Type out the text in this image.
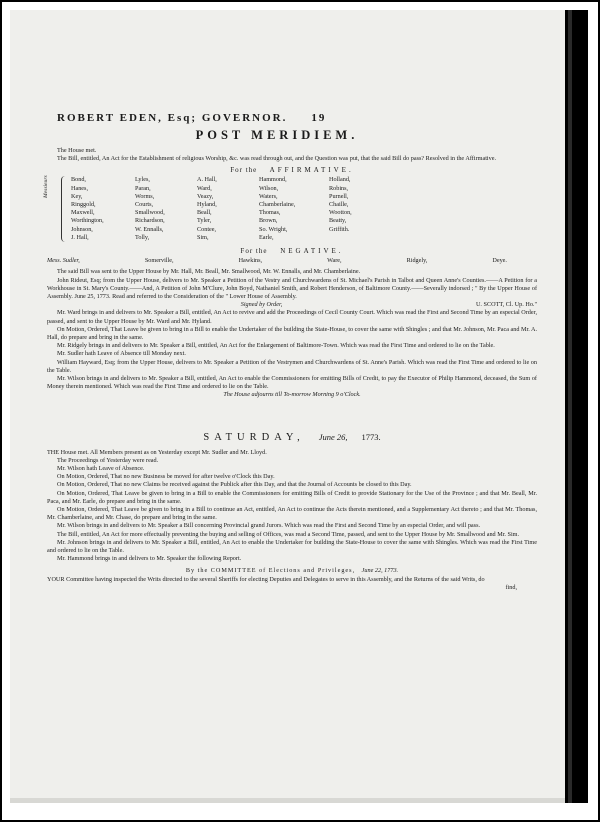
ROBERT EDEN, Esq; GOVERNOR. 19
POST MERIDIEM.

The House met.

The Bill, entitled, An Act for the Establishment of religious Worship, &c. was read through out, and the Question was put, that the said Bill do pass? Resolved in the Affirmative.

For the AFFIRMATIVE.
Messieurs	Bond,	Lyles,	A. Hall,	Hammond,	Holland,
Hanes,	Paran,	Ward,	Wilson,	Robins,
Key,	Worms,	Veazy,	Waters,	Purnell,
Ringgold,	Courts,	Hyland,	Chamberlaine,	Chaille,
Maxwell,	Smallwood,	Beall,	Thomas,	Wootton,
Worthington,	Richardson,	Tyler,	Brown,	Beatty,
Johnson,	W. Ennalls,	Contee,	So. Wright,	Griffith.
J. Hall,	Tolly,	Sim,	Earle,
For the NEGATIVE.
Mess. Sudler,	Somerville,	Hawkins,	Ware,	Ridgely,	Deye.

The said Bill was sent to the Upper House by Mr. Hall, Mr. Beall, Mr. Smallwood, Mr. W. Ennalls, and Mr. Chamberlaine.

John Rideut, Esq; from the Upper House, delivers to Mr. Speaker a Petition of the Vestry and Churchwardens of St. Michael's Parish in Talbot and Queen Anne's Counties.——A Petition for a Workhouse in St. Mary's County.——And, A Petition of John M'Clure, John Boyd, Nathaniel Smith, and Robert Henderson, of Baltimore County.——Severally indorsed ; " By the Upper House of Assembly. June 25, 1773. Read and referred to the Consideration of the " Lower House of Assembly.

Signed by Order,	U. SCOTT, Cl. Up. Ho."

Mr. Ward brings in and delivers to Mr. Speaker a Bill, entitled, An Act to revive and add the Proceedings of Cecil County Court. Which was read the First and Second Time by an especial Order, passed, and sent to the Upper House by Mr. Ward and Mr. Hyland.

On Motion, Ordered, That Leave be given to bring in a Bill to enable the Undertaker of the building the State-House, to cover the same with Shingles ; and that Mr. Johnson, Mr. Paca and Mr. A. Hall, do prepare and bring in the same.

Mr. Ridgely brings in and delivers to Mr. Speaker a Bill, entitled, An Act for the Enlargement of Baltimore-Town. Which was read the First Time and ordered to lie on the Table.

Mr. Sudler hath Leave of Absence till Monday next.

William Hayward, Esq; from the Upper House, delivers to Mr. Speaker a Petition of the Vestrymen and Churchwardens of St. Anne's Parish. Which was read the First Time and ordered to lie on the Table.

Mr. Wilson brings in and delivers to Mr. Speaker a Bill, entitled, An Act to enable the Commissioners for emitting Bills of Credit, to pay the Executor of Philip Hammond, deceased, the Sum of Money therein mentioned. Which was read the First Time and ordered to lie on the Table.

The House adjourns till To-morrow Morning 9 o'Clock.
SATURDAY, June 26, 1773.

THE House met. All Members present as on Yesterday except Mr. Sudler and Mr. Lloyd.

The Proceedings of Yesterday were read.

Mr. Wilson hath Leave of Absence.

On Motion, Ordered, That no new Business be moved for after twelve o'Clock this Day.

On Motion, Ordered, That no new Claims be received against the Publick after this Day, and that the Journal of Accounts be closed to this Day.

On Motion, Ordered, That Leave be given to bring in a Bill to enable the Commissioners for emitting Bills of Credit to provide Stationary for the Use of the Province ; and that Mr. Beall, Mr. Paca, and Mr. Earle, do prepare and bring in the same.

On Motion, Ordered, That Leave be given to bring in a Bill to continue an Act, entitled, An Act to continue the Acts therein mentioned, and a Supplementary Act thereto ; and that Mr. Thomas, Mr. Chamberlaine, and Mr. Chase, do prepare and bring in the same.

Mr. Wilson brings in and delivers to Mr. Speaker a Bill concerning Provincial grand Jurors. Which was read the First and Second Time by an especial Order, and will pass.

The Bill, entitled, An Act for more effectually preventing the buying and selling of Offices, was read a Second Time, passed, and sent to the Upper House by Mr. Smallwood and Mr. Sim.

Mr. Johnson brings in and delivers to Mr. Speaker a Bill, entitled, An Act to enable the Undertaker for building the State-House to cover the same with Shingles. Which was read the First Time and ordered to lie on the Table.

Mr. Hammond brings in and delivers to Mr. Speaker the following Report.

By the COMMITTEE of Elections and Privileges, June 22, 1773.

YOUR Committee having inspected the Writs directed to the several Sheriffs for electing Deputies and Delegates to serve in this Assembly, and the Returns of the said Writs, do

find,
